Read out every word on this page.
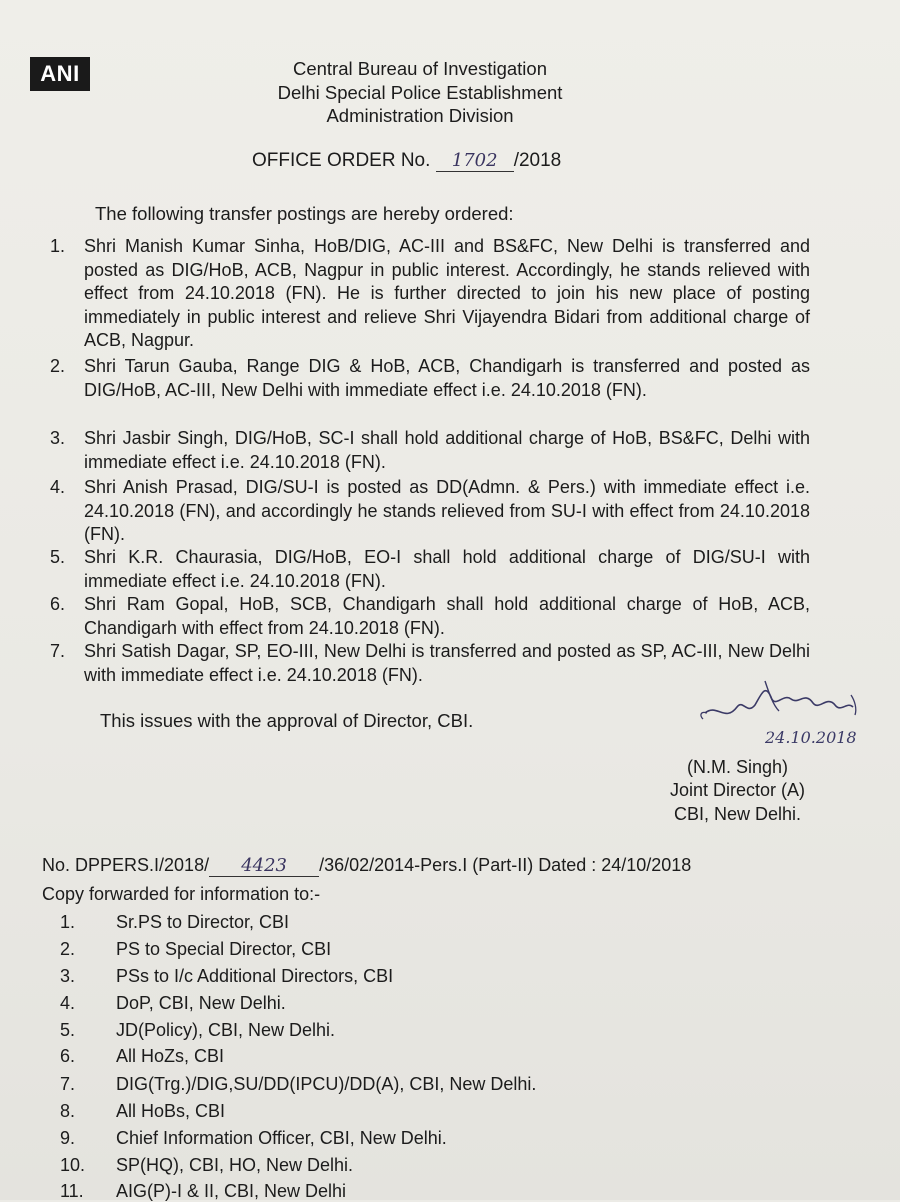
ANI	Central Bureau of Investigation
Delhi Special Police Establishment
Administration Division
OFFICE ORDER No. 1702 /2018
The following transfer postings are hereby ordered:
1.	Shri Manish Kumar Sinha, HoB/DIG, AC-III and BS&FC, New Delhi is transferred and posted as DIG/HoB, ACB, Nagpur in public interest. Accordingly, he stands relieved with effect from 24.10.2018 (FN). He is further directed to join his new place of posting immediately in public interest and relieve Shri Vijayendra Bidari from additional charge of ACB, Nagpur.
2.	Shri Tarun Gauba, Range DIG & HoB, ACB, Chandigarh is transferred and posted as DIG/HoB, AC-III, New Delhi with immediate effect i.e. 24.10.2018 (FN).
3.	Shri Jasbir Singh, DIG/HoB, SC-I shall hold additional charge of HoB, BS&FC, Delhi with immediate effect i.e. 24.10.2018 (FN).
4.	Shri Anish Prasad, DIG/SU-I is posted as DD(Admn. & Pers.) with immediate effect i.e. 24.10.2018 (FN), and accordingly he stands relieved from SU-I with effect from 24.10.2018 (FN).
5.	Shri K.R. Chaurasia, DIG/HoB, EO-I shall hold additional charge of DIG/SU-I with immediate effect i.e. 24.10.2018 (FN).
6.	Shri Ram Gopal, HoB, SCB, Chandigarh shall hold additional charge of HoB, ACB, Chandigarh with effect from 24.10.2018 (FN).
7.	Shri Satish Dagar, SP, EO-III, New Delhi is transferred and posted as SP, AC-III, New Delhi with immediate effect i.e. 24.10.2018 (FN).
This issues with the approval of Director, CBI.
24.10.2018
(N.M. Singh)
Joint Director (A)
CBI, New Delhi.
No. DPPERS.I/2018/ 4423 /36/02/2014-Pers.I (Part-II) Dated : 24/10/2018
Copy forwarded for information to:-
1. Sr.PS to Director, CBI
2. PS to Special Director, CBI
3. PSs to I/c Additional Directors, CBI
4. DoP, CBI, New Delhi.
5. JD(Policy), CBI, New Delhi.
6. All HoZs, CBI
7. DIG(Trg.)/DIG,SU/DD(IPCU)/DD(A), CBI, New Delhi.
8. All HoBs, CBI
9. Chief Information Officer, CBI, New Delhi.
10. SP(HQ), CBI, HO, New Delhi.
11. AIG(P)-I & II, CBI, New Delhi
